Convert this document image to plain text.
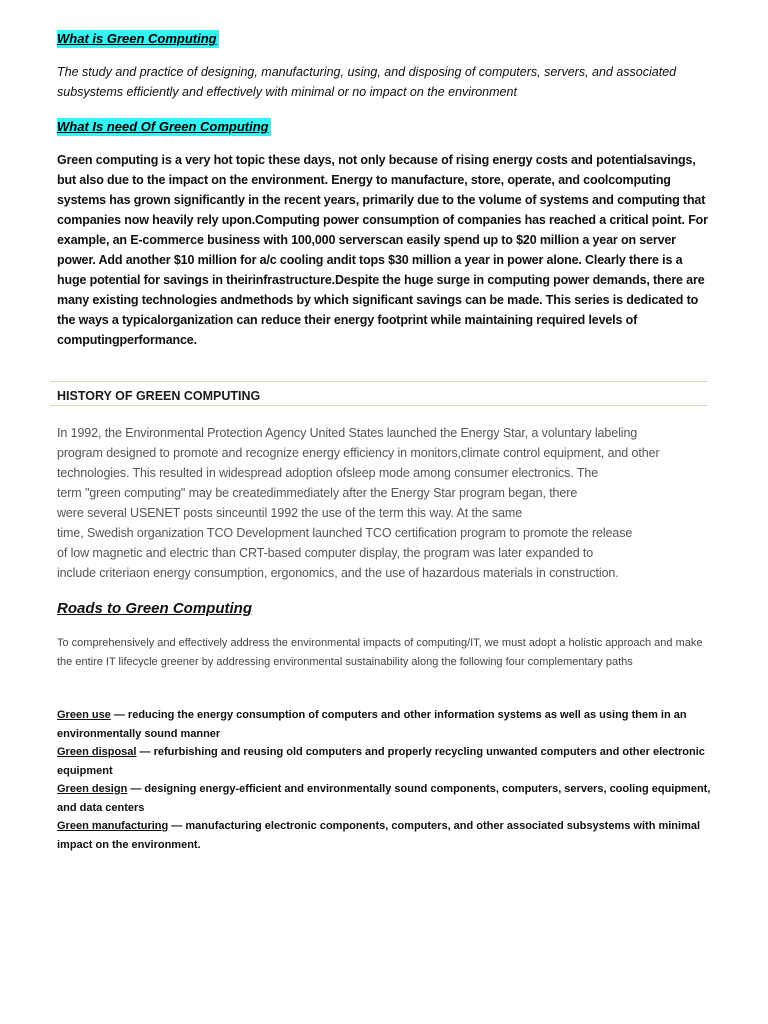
What is Green Computing
The study and practice of designing, manufacturing, using, and disposing of computers, servers, and associated subsystems efficiently and effectively with minimal or no impact on the environment
What Is need Of Green Computing
Green computing is a very hot topic these days, not only because of rising energy costs and potentialsavings, but also due to the impact on the environment. Energy to manufacture, store, operate, and coolcomputing systems has grown significantly in the recent years, primarily due to the volume of systems and computing that companies now heavily rely upon.Computing power consumption of companies has reached a critical point. For example, an E-commerce business with 100,000 serverscan easily spend up to $20 million a year on server power. Add another $10 million for a/c cooling andit tops $30 million a year in power alone. Clearly there is a huge potential for savings in theirinfrastructure.Despite the huge surge in computing power demands, there are many existing technologies andmethods by which significant savings can be made. This series is dedicated to the ways a typicalorganization can reduce their energy footprint while maintaining required levels of computingperformance.
HISTORY OF GREEN COMPUTING
In 1992, the Environmental Protection Agency United States launched the Energy Star, a voluntary labeling
program designed to promote and recognize energy efficiency in monitors,climate control equipment, and other
technologies. This resulted in widespread adoption ofsleep mode among consumer electronics. The
term "green computing" may be createdimmediately after the Energy Star program began, there
were several USENET posts sinceuntil 1992 the use of the term this way. At the same
time, Swedish organization TCO Development launched TCO certification program to promote the release
of low magnetic and electric than CRT-based computer display, the program was later expanded to
include criteriaon energy consumption, ergonomics, and the use of hazardous materials in construction.
Roads to Green Computing
To comprehensively and effectively address the environmental impacts of computing/IT, we must adopt a holistic approach and make the entire IT lifecycle greener by addressing environmental sustainability along the following four complementary paths

Green use — reducing the energy consumption of computers and other information systems as well as using them in an environmentally sound manner

Green disposal — refurbishing and reusing old computers and properly recycling unwanted computers and other electronic equipment

Green design — designing energy-efficient and environmentally sound components, computers, servers, cooling equipment, and data centers

Green manufacturing — manufacturing electronic components, computers, and other associated subsystems with minimal impact on the environment.
